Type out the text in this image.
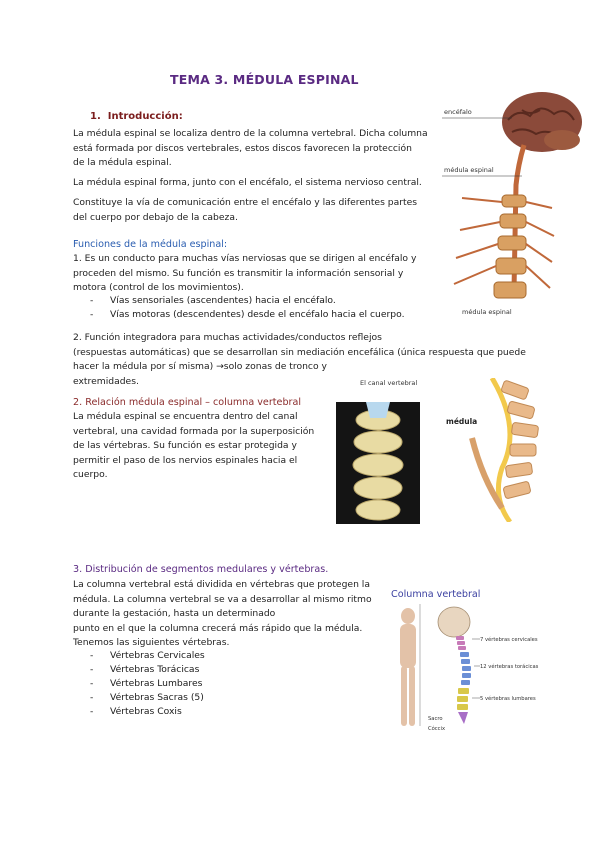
TEMA 3. MÉDULA ESPINAL
1. Introducción:
La médula espinal se localiza dentro de la columna vertebral. Dicha columna
está formada por discos vertebrales, estos discos favorecen la protección
de la médula espinal.
La médula espinal forma, junto con el encéfalo, el sistema nervioso central.
Constituye la vía de comunicación entre el encéfalo y las diferentes partes
del cuerpo por debajo de la cabeza.
Funciones de la médula espinal:
1. Es un conducto para muchas vías nerviosas que se dirigen al encéfalo y
proceden del mismo. Su función es transmitir la información sensorial y
motora (control de los movimientos).
- Vías sensoriales (ascendentes) hacia el encéfalo.
- Vías motoras (descendentes) desde el encéfalo hacia el cuerpo.
2. Función integradora para muchas actividades/conductos reflejos
(respuestas automáticas) que se desarrollan sin mediación encefálica (única respuesta que puede
hacer la médula por sí misma) →solo zonas de tronco y
extremidades.
2. Relación médula espinal – columna vertebral
La médula espinal se encuentra dentro del canal
vertebral, una cavidad formada por la superposición
de las vértebras. Su función es estar protegida y
permitir el paso de los nervios espinales hacia el
cuerpo.
3. Distribución de segmentos medulares y vértebras.
La columna vertebral está dividida en vértebras que protegen la
médula. La columna vertebral se va a desarrollar al mismo ritmo
durante la gestación, hasta un determinado
punto en el que la columna crecerá más rápido que la médula.
Tenemos las siguientes vértebras.
- Vértebras Cervicales
- Vértebras Torácicas
- Vértebras Lumbares
- Vértebras Sacras (5)
- Vértebras Coxis
encéfalo
médula espinal
médula espinal
El canal vertebral
médula
Columna vertebral
7 vértebras cervicales
12 vértebras torácicas
5 vértebras lumbares
Sacro
Cóccix
